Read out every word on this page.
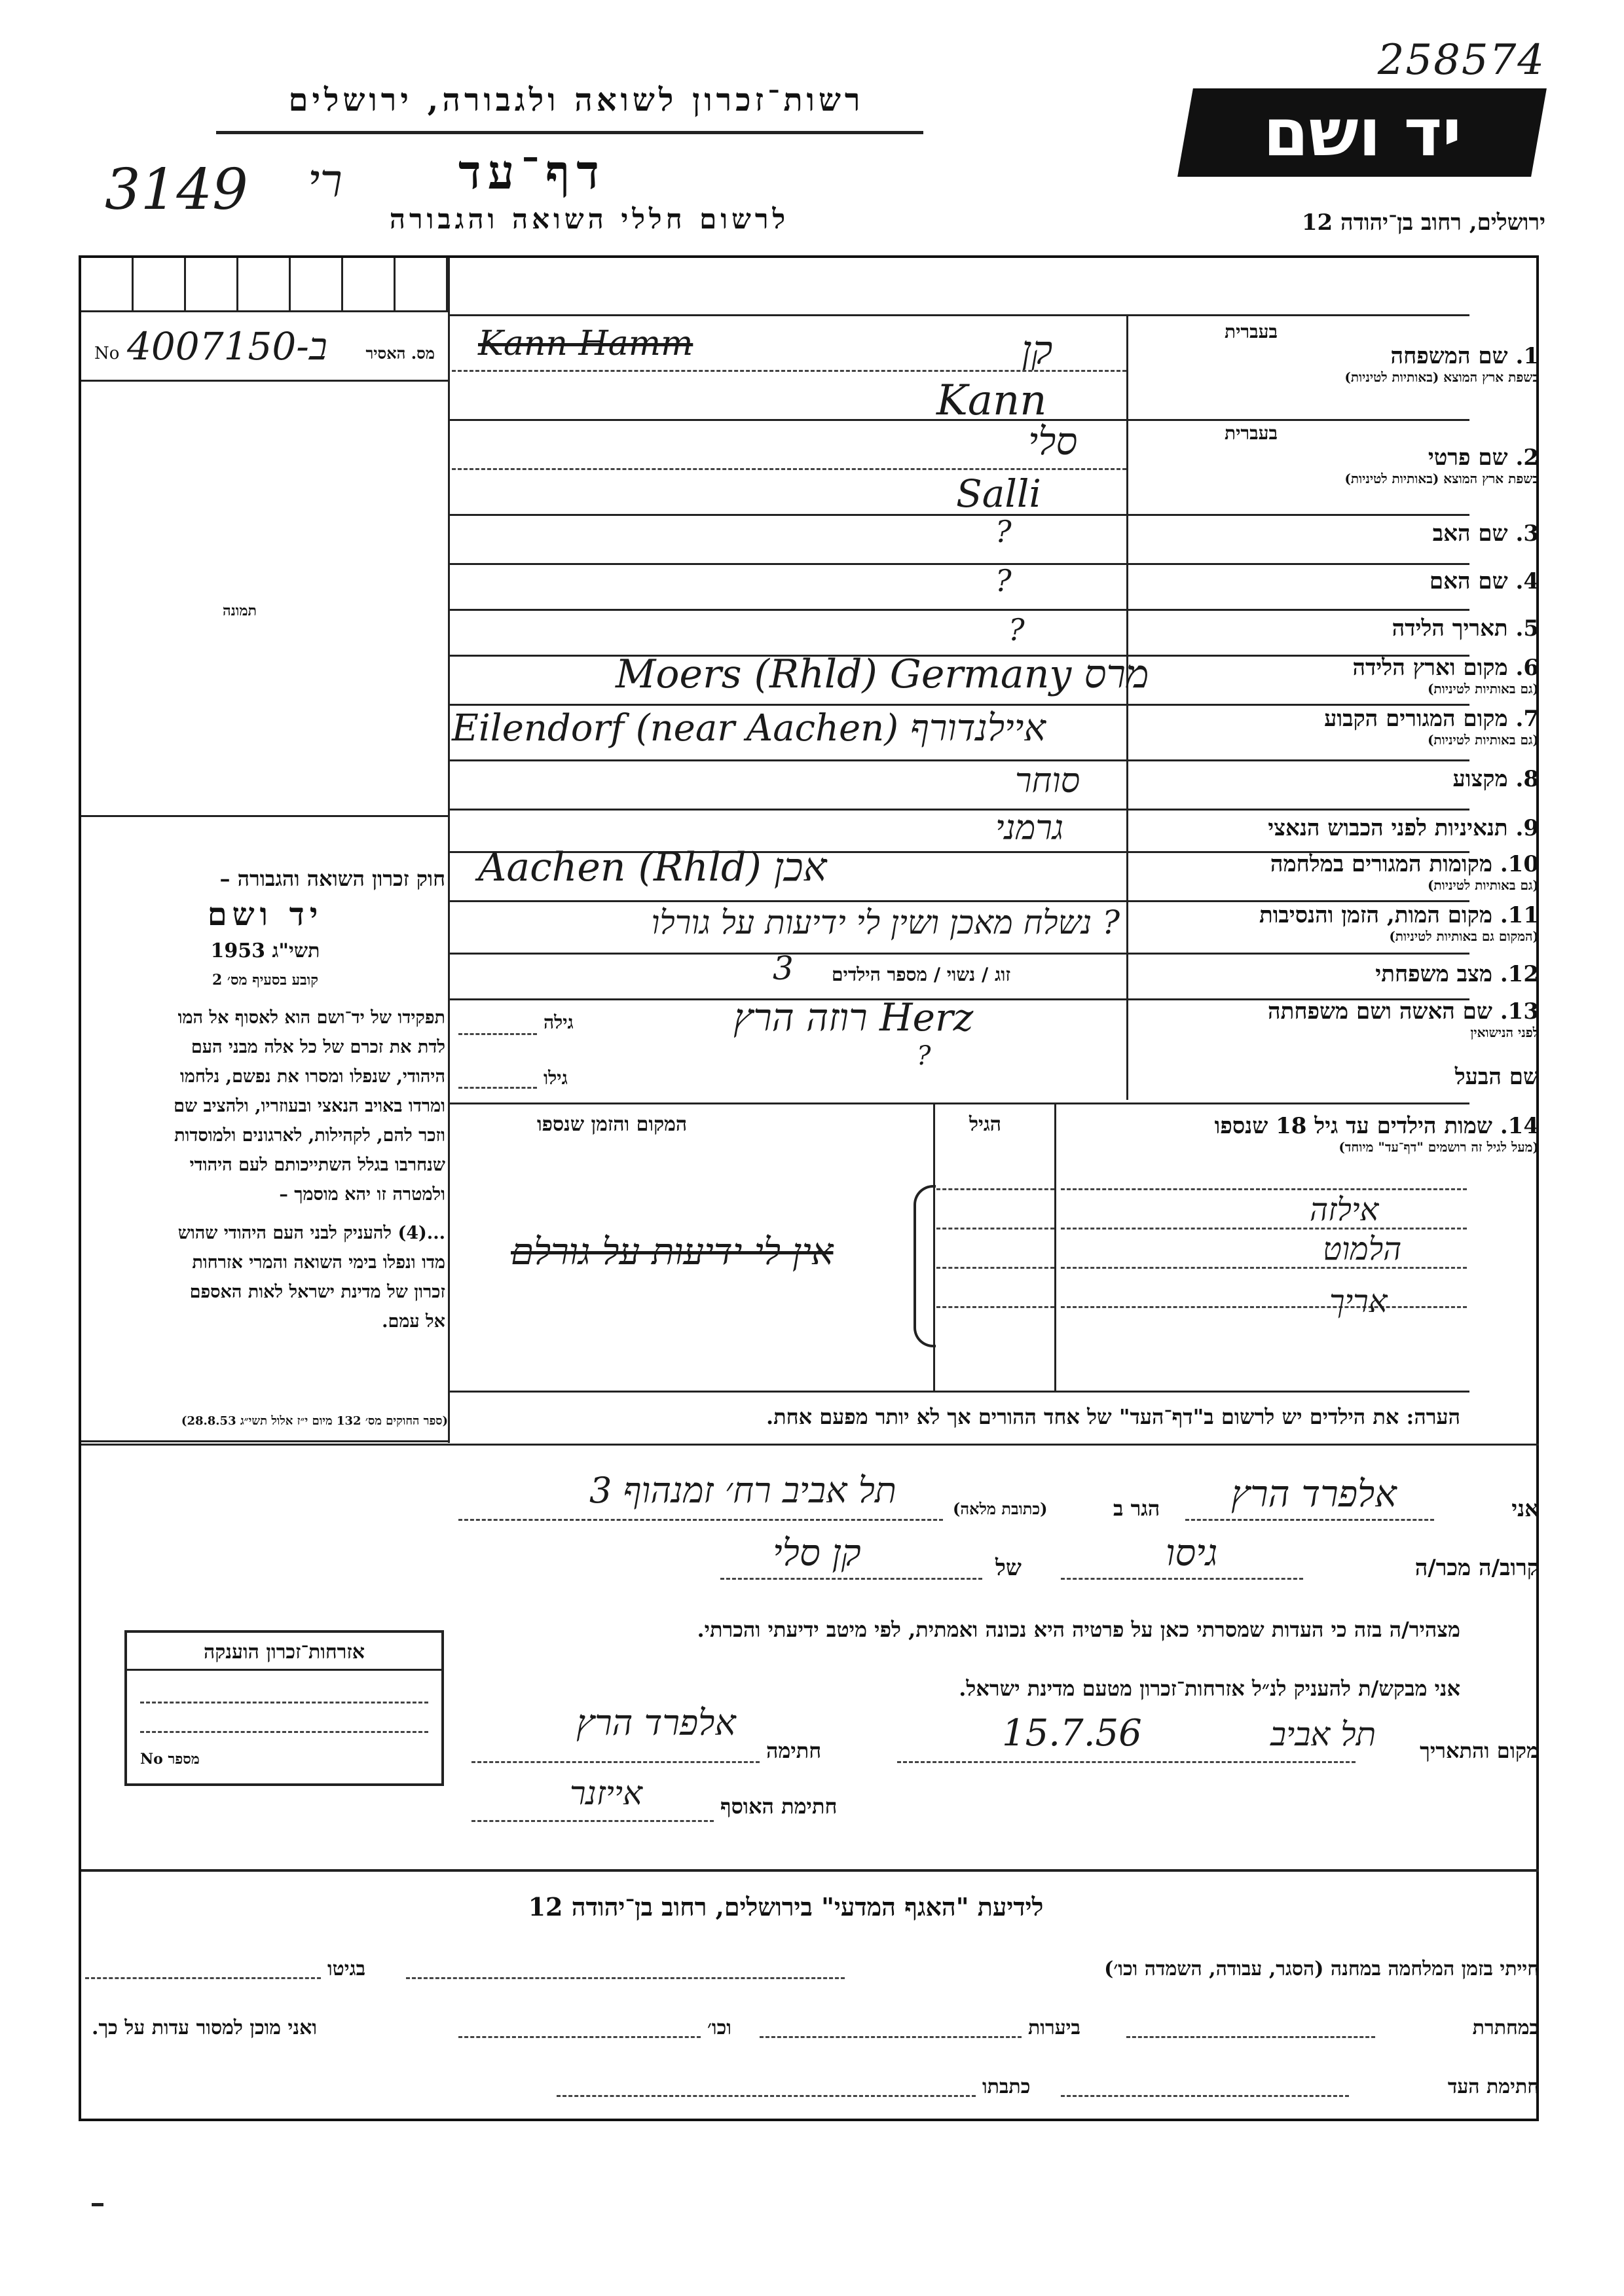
258574
יד ושם
רשות־זכרון לשואה ולגבורה, ירושלים
3149 רי דף־עד
לרשום חללי השואה והגבורה	ירושלים, רחוב בן־יהודה 12
No 4007150-ב מס. האסיר
תמונה
חוק זכרון השואה והגבורה –
יד ושם
תשי"ג 1953
קובע בסעיף מס׳ 2
תפקידו של יד־ושם הוא לאסוף אל המו
לדת את זכרם של כל אלה מבני העם
היהודי, שנפלו ומסרו את נפשם, נלחמו
ומרדו באויב הנאצי ובעוזריו, ולהציב שם
וזכר להם, לקהילות, לארגונים ולמוסדות
שנחרבו בגלל השתייכותם לעם היהודי
ולמטרה זו יהא מוסמך –
...(4) להעניק לבני העם היהודי שהוש
מדו ונפלו בימי השואה והמרי אזרחות
זכרון של מדינת ישראל לאות האספם
אל עמם.
(ספר החוקים מס׳ 132 מיום י״ז אלול תשי״ג 28.8.53)
בעברית
1. שם המשפחה
בשפת ארץ המוצא (באותיות לטיניות)
Kann Hamm	קן
Kann
בעברית
2. שם פרטי
בשפת ארץ המוצא (באותיות לטיניות)
סלי
Salli
3. שם האב
?
4. שם האם
?
5. תאריך הלידה
?
6. מקום וארץ הלידה
(גם באותיות לטיניות)
Moers (Rhld) Germany מרס
7. מקום המגורים הקבוע
(גם באותיות לטיניות)
Eilendorf (near Aachen) איילנדורף
8. מקצוע
סוחר
9. תנאיניות לפני הכבוש הנאצי
גרמני
10. מקומות המגורים במלחמה
(גם באותיות לטיניות)
Aachen (Rhld) אכן
11. מקום המות, הזמן והנסיבות
(המקום גם באותיות לטיניות)
? נשלח מאכן ושין לי ידיעות על גורלו
12. מצב משפחתי
זוג / נשוי / מספר הילדים
3
13. שם האשה ושם משפחתה
לפני הנישואין
גילה	רוזה הרץ Herz
שם הבעל
גילו
?
14. שמות הילדים עד גיל 18 שנספו
(מעל לגיל זה רושמים "דף־עד" מיוחד)
הגיל
המקום והזמן שנספו
אילזה
הלמוט
אריך
אין לי ידיעות על גורלם
הערה: את הילדים יש לרשום ב"דף־העד" של אחד ההורים אך לא יותר מפעם אחת.
אני
אלפרד הרץ
הגר ב
(כתובת מלאה)
תל אביב רח׳ זמנהוף 3
קרוב/ה מכר/ה
גיסו
של
קן סלי
מצהיר/ה בזה כי העדות שמסרתי כאן על פרטיה היא נכונה ואמתית, לפי מיטב ידיעתי והכרתי.
אני מבקש/ת להעניק לנ״ל אזרחות־זכרון מטעם מדינת ישראל.
מקום והתאריך
תל אביב
15.7.56
חתימה
אלפרד הרץ
חתימת האוסף
אייזנר
אזרחות־זכרון הוענקה
מספר No
לידיעת "האגף המדעי" בירושלים, רחוב בן־יהודה 12
חייתי בזמן המלחמה במחנה (הסגר, עבודה, השמדה וכו׳)
בגיטו
במחתרת
ביערות
וכו׳
ואני מוכן למסור עדות על כך.
חתימת העד
כתבתו
